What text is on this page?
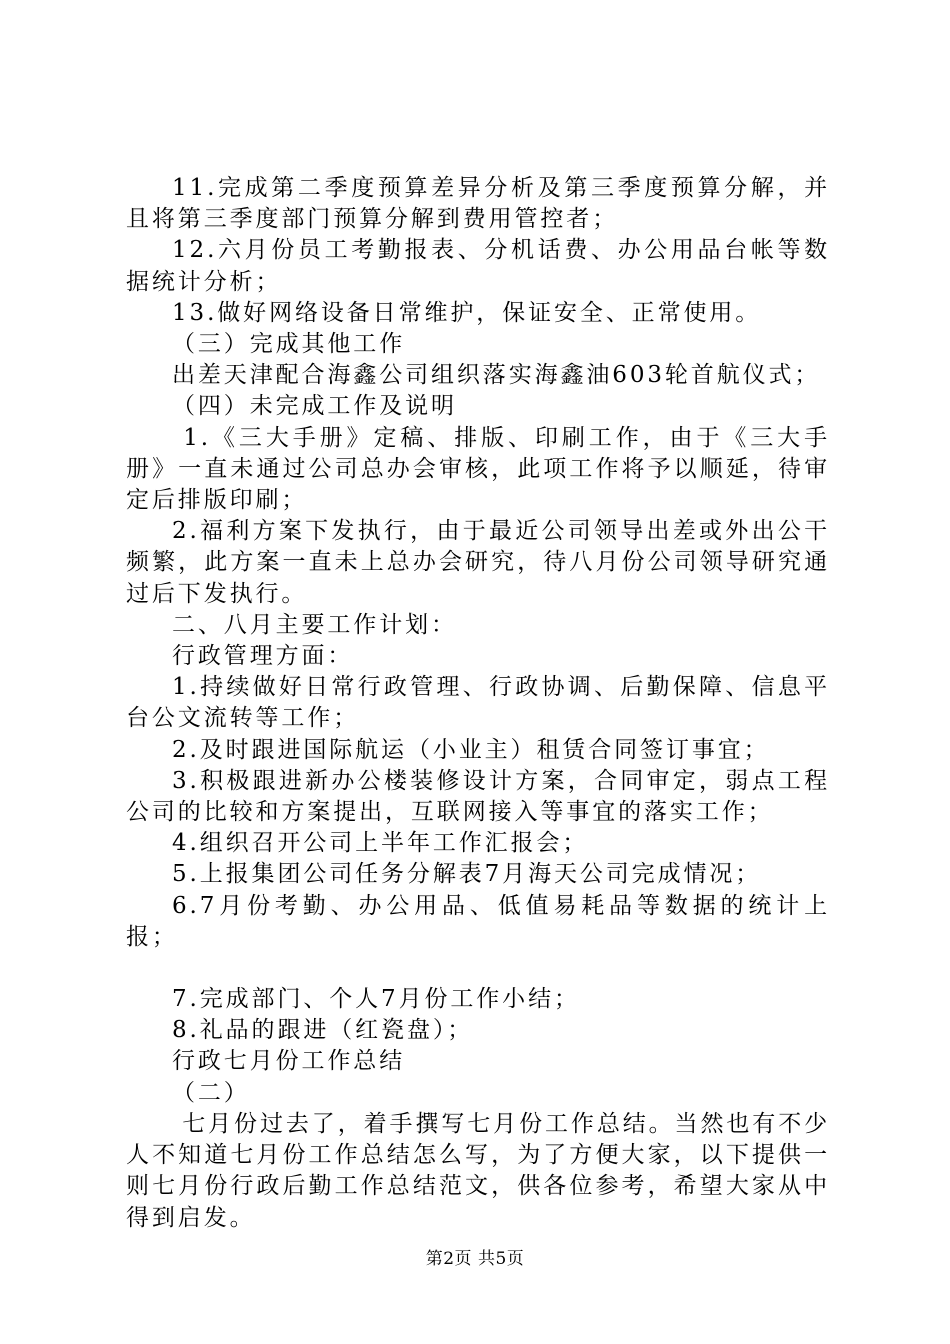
11.完成第二季度预算差异分析及第三季度预算分解，并且将第三季度部门预算分解到费用管控者；

12.六月份员工考勤报表、分机话费、办公用品台帐等数据统计分析；

13.做好网络设备日常维护，保证安全、正常使用。

（三）完成其他工作

出差天津配合海鑫公司组织落实海鑫油603轮首航仪式；

（四）未完成工作及说明

1.《三大手册》定稿、排版、印刷工作，由于《三大手册》一直未通过公司总办会审核，此项工作将予以顺延，待审定后排版印刷；

2.福利方案下发执行，由于最近公司领导出差或外出公干频繁，此方案一直未上总办会研究，待八月份公司领导研究通过后下发执行。

二、八月主要工作计划：

行政管理方面：

1.持续做好日常行政管理、行政协调、后勤保障、信息平台公文流转等工作；

2.及时跟进国际航运（小业主）租赁合同签订事宜；

3.积极跟进新办公楼装修设计方案，合同审定，弱点工程公司的比较和方案提出，互联网接入等事宜的落实工作；

4.组织召开公司上半年工作汇报会；

5.上报集团公司任务分解表7月海天公司完成情况；

6.7月份考勤、办公用品、低值易耗品等数据的统计上报；

7.完成部门、个人7月份工作小结；

8.礼品的跟进（红瓷盘）；

行政七月份工作总结

（二）

七月份过去了，着手撰写七月份工作总结。当然也有不少人不知道七月份工作总结怎么写，为了方便大家，以下提供一则七月份行政后勤工作总结范文，供各位参考，希望大家从中得到启发。

第2页 共5页
